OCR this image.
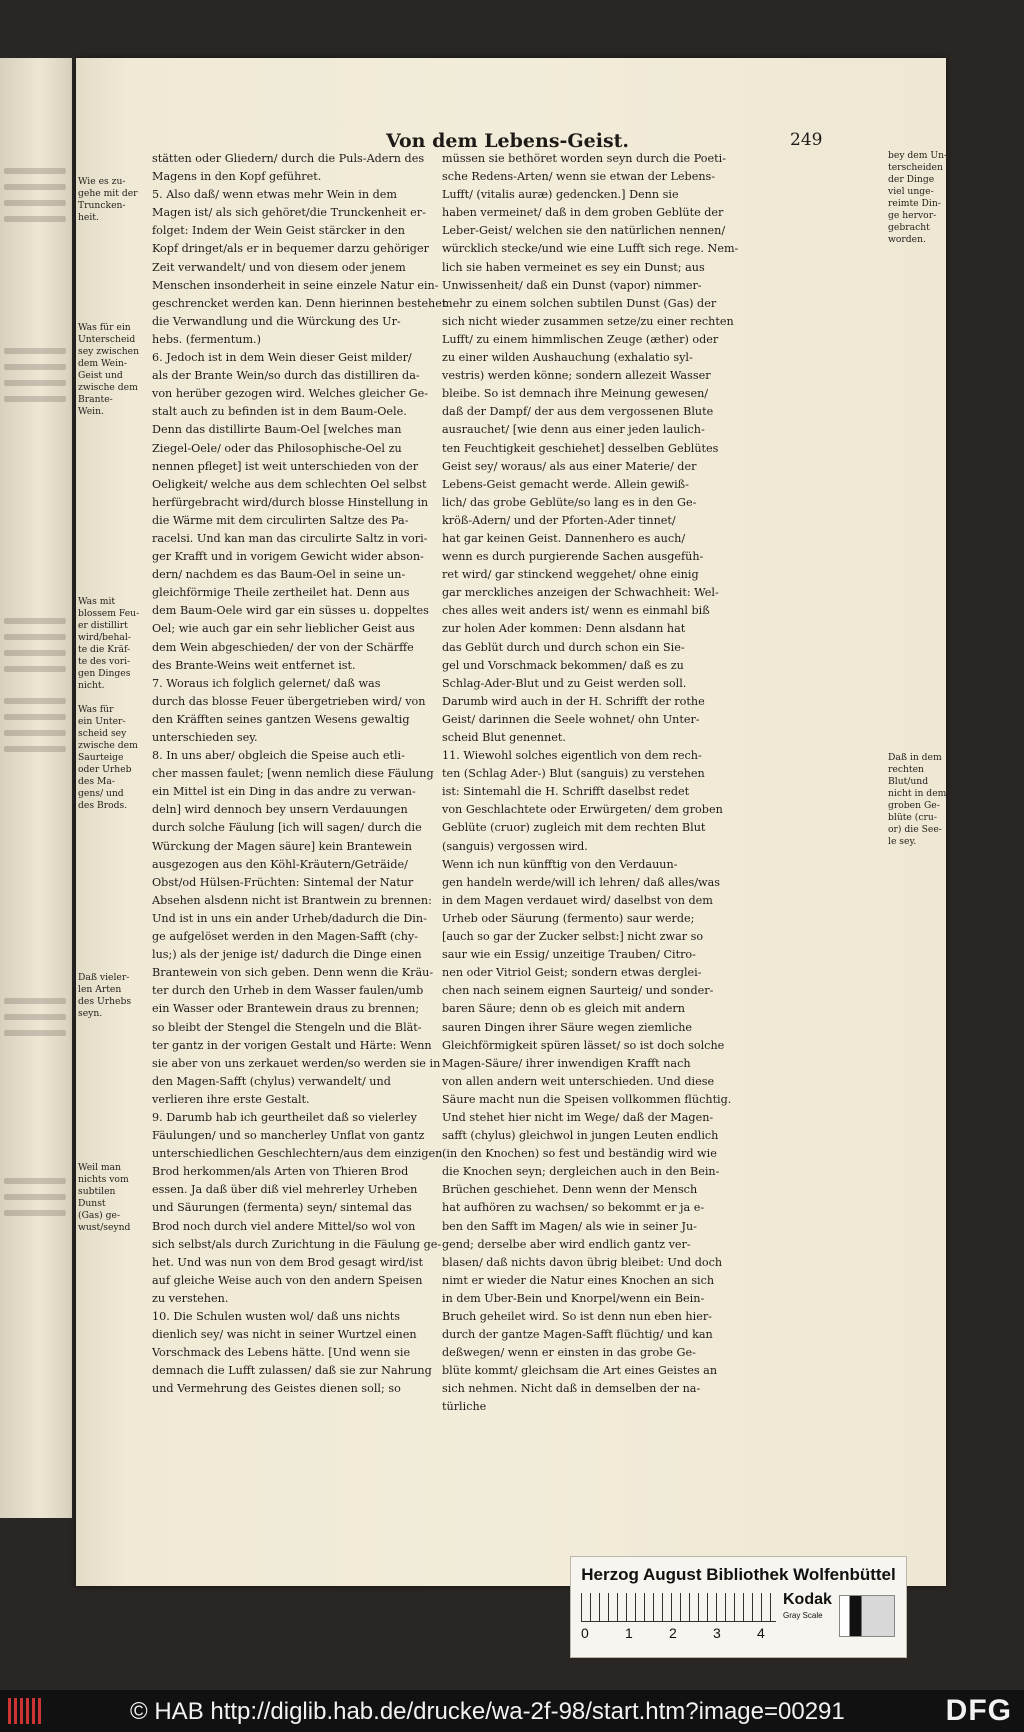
Von dem Lebens-Geist.	249
stätten oder Gliedern/ durch die Puls-Adern des
Magens in den Kopf geführet.
5. Also daß/ wenn etwas mehr Wein in dem
Magen ist/ als sich gehöret/die Trunckenheit er-
folget: Indem der Wein Geist stärcker in den
Kopf dringet/als er in bequemer darzu gehöriger
Zeit verwandelt/ und von diesem oder jenem
Menschen insonderheit in seine einzele Natur ein-
geschrencket werden kan. Denn hierinnen bestehet
die Verwandlung und die Würckung des Ur-
hebs. (fermentum.)
6. Jedoch ist in dem Wein dieser Geist milder/
als der Brante Wein/so durch das distilliren da-
von herüber gezogen wird. Welches gleicher Ge-
stalt auch zu befinden ist in dem Baum-Oele.
Denn das distillirte Baum-Oel [welches man
Ziegel-Oele/ oder das Philosophische-Oel zu
nennen pfleget] ist weit unterschieden von der
Oeligkeit/ welche aus dem schlechten Oel selbst
herfürgebracht wird/durch blosse Hinstellung in
die Wärme mit dem circulirten Saltze des Pa-
racelsi. Und kan man das circulirte Saltz in vori-
ger Krafft und in vorigem Gewicht wider abson-
dern/ nachdem es das Baum-Oel in seine un-
gleichförmige Theile zertheilet hat. Denn aus
dem Baum-Oele wird gar ein süsses u. doppeltes
Oel; wie auch gar ein sehr lieblicher Geist aus
dem Wein abgeschieden/ der von der Schärffe
des Brante-Weins weit entfernet ist.
7. Woraus ich folglich gelernet/ daß was
durch das blosse Feuer übergetrieben wird/ von
den Kräfften seines gantzen Wesens gewaltig
unterschieden sey.
8. In uns aber/ obgleich die Speise auch etli-
cher massen faulet; [wenn nemlich diese Fäulung
ein Mittel ist ein Ding in das andre zu verwan-
deln] wird dennoch bey unsern Verdauungen
durch solche Fäulung [ich will sagen/ durch die
Würckung der Magen säure] kein Brantewein
ausgezogen aus den Köhl-Kräutern/Geträide/
Obst/od Hülsen-Früchten: Sintemal der Natur
Absehen alsdenn nicht ist Brantwein zu brennen:
Und ist in uns ein ander Urheb/dadurch die Din-
ge aufgelöset werden in den Magen-Safft (chy-
lus;) als der jenige ist/ dadurch die Dinge einen
Brantewein von sich geben. Denn wenn die Kräu-
ter durch den Urheb in dem Wasser faulen/umb
ein Wasser oder Brantewein draus zu brennen;
so bleibt der Stengel die Stengeln und die Blät-
ter gantz in der vorigen Gestalt und Härte: Wenn
sie aber von uns zerkauet werden/so werden sie in
den Magen-Safft (chylus) verwandelt/ und
verlieren ihre erste Gestalt.
9. Darumb hab ich geurtheilet daß so vielerley
Fäulungen/ und so mancherley Unflat von gantz
unterschiedlichen Geschlechtern/aus dem einzigen
Brod herkommen/als Arten von Thieren Brod
essen. Ja daß über diß viel mehrerley Urheben
und Säurungen (fermenta) seyn/ sintemal das
Brod noch durch viel andere Mittel/so wol von
sich selbst/als durch Zurichtung in die Fäulung ge-
het. Und was nun von dem Brod gesagt wird/ist
auf gleiche Weise auch von den andern Speisen
zu verstehen.
10. Die Schulen wusten wol/ daß uns nichts
dienlich sey/ was nicht in seiner Wurtzel einen
Vorschmack des Lebens hätte. [Und wenn sie
demnach die Lufft zulassen/ daß sie zur Nahrung
und Vermehrung des Geistes dienen soll; so
müssen sie bethöret worden seyn durch die Poeti-
sche Redens-Arten/ wenn sie etwan der Lebens-
Lufft/ (vitalis auræ) gedencken.] Denn sie
haben vermeinet/ daß in dem groben Geblüte der
Leber-Geist/ welchen sie den natürlichen nennen/
würcklich stecke/und wie eine Lufft sich rege. Nem-
lich sie haben vermeinet es sey ein Dunst; aus
Unwissenheit/ daß ein Dunst (vapor) nimmer-
mehr zu einem solchen subtilen Dunst (Gas) der
sich nicht wieder zusammen setze/zu einer rechten
Lufft/ zu einem himmlischen Zeuge (æther) oder
zu einer wilden Aushauchung (exhalatio syl-
vestris) werden könne; sondern allezeit Wasser
bleibe. So ist demnach ihre Meinung gewesen/
daß der Dampf/ der aus dem vergossenen Blute
ausrauchet/ [wie denn aus einer jeden laulich-
ten Feuchtigkeit geschiehet] desselben Geblütes
Geist sey/ woraus/ als aus einer Materie/ der
Lebens-Geist gemacht werde. Allein gewiß-
lich/ das grobe Geblüte/so lang es in den Ge-
kröß-Adern/ und der Pforten-Ader tinnet/
hat gar keinen Geist. Dannenhero es auch/
wenn es durch purgierende Sachen ausgefüh-
ret wird/ gar stinckend weggehet/ ohne einig
gar merckliches anzeigen der Schwachheit: Wel-
ches alles weit anders ist/ wenn es einmahl biß
zur holen Ader kommen: Denn alsdann hat
das Geblüt durch und durch schon ein Sie-
gel und Vorschmack bekommen/ daß es zu
Schlag-Ader-Blut und zu Geist werden soll.
Darumb wird auch in der H. Schrifft der rothe
Geist/ darinnen die Seele wohnet/ ohn Unter-
scheid Blut genennet.
11. Wiewohl solches eigentlich von dem rech-
ten (Schlag Ader-) Blut (sanguis) zu verstehen
ist: Sintemahl die H. Schrifft daselbst redet
von Geschlachtete oder Erwürgeten/ dem groben
Geblüte (cruor) zugleich mit dem rechten Blut
(sanguis) vergossen wird.
Wenn ich nun künfftig von den Verdauun-
gen handeln werde/will ich lehren/ daß alles/was
in dem Magen verdauet wird/ daselbst von dem
Urheb oder Säurung (fermento) saur werde;
[auch so gar der Zucker selbst:] nicht zwar so
saur wie ein Essig/ unzeitige Trauben/ Citro-
nen oder Vitriol Geist; sondern etwas derglei-
chen nach seinem eignen Saurteig/ und sonder-
baren Säure; denn ob es gleich mit andern
sauren Dingen ihrer Säure wegen ziemliche
Gleichförmigkeit spüren lässet/ so ist doch solche
Magen-Säure/ ihrer inwendigen Krafft nach
von allen andern weit unterschieden. Und diese
Säure macht nun die Speisen vollkommen flüchtig.
Und stehet hier nicht im Wege/ daß der Magen-
safft (chylus) gleichwol in jungen Leuten endlich
(in den Knochen) so fest und beständig wird wie
die Knochen seyn; dergleichen auch in den Bein-
Brüchen geschiehet. Denn wenn der Mensch
hat aufhören zu wachsen/ so bekommt er ja e-
ben den Safft im Magen/ als wie in seiner Ju-
gend; derselbe aber wird endlich gantz ver-
blasen/ daß nichts davon übrig bleibet: Und doch
nimt er wieder die Natur eines Knochen an sich
in dem Uber-Bein und Knorpel/wenn ein Bein-
Bruch geheilet wird. So ist denn nun eben hier-
durch der gantze Magen-Safft flüchtig/ und kan
deßwegen/ wenn er einsten in das grobe Ge-
blüte kommt/ gleichsam die Art eines Geistes an
sich nehmen. Nicht daß in demselben der na-
türliche
Wie es zu-
gehe mit der
Truncken-
heit.
Was für ein
Unterscheid
sey zwischen
dem Wein-
Geist und
zwische dem
Brante-
Wein.
Was mit
blossem Feu-
er distillirt
wird/behal-
te die Kräf-
te des vori-
gen Dinges
nicht.
Was für
ein Unter-
scheid sey
zwische dem
Saurteige
oder Urheb
des Ma-
gens/ und
des Brods.
Daß vieler-
len Arten
des Urhebs
seyn.
Weil man
nichts vom
subtilen
Dunst
(Gas) ge-
wust/seynd
bey dem Un-
terscheiden
der Dinge
viel unge-
reimte Din-
ge hervor-
gebracht
worden.
Daß in dem
rechten
Blut/und
nicht in dem
groben Ge-
blüte (cru-
or) die See-
le sey.
Herzog August Bibliothek Wolfenbüttel
0	1	2	3	4
Kodak
Gray Scale
© HAB http://diglib.hab.de/drucke/wa-2f-98/start.htm?image=00291	DFG
